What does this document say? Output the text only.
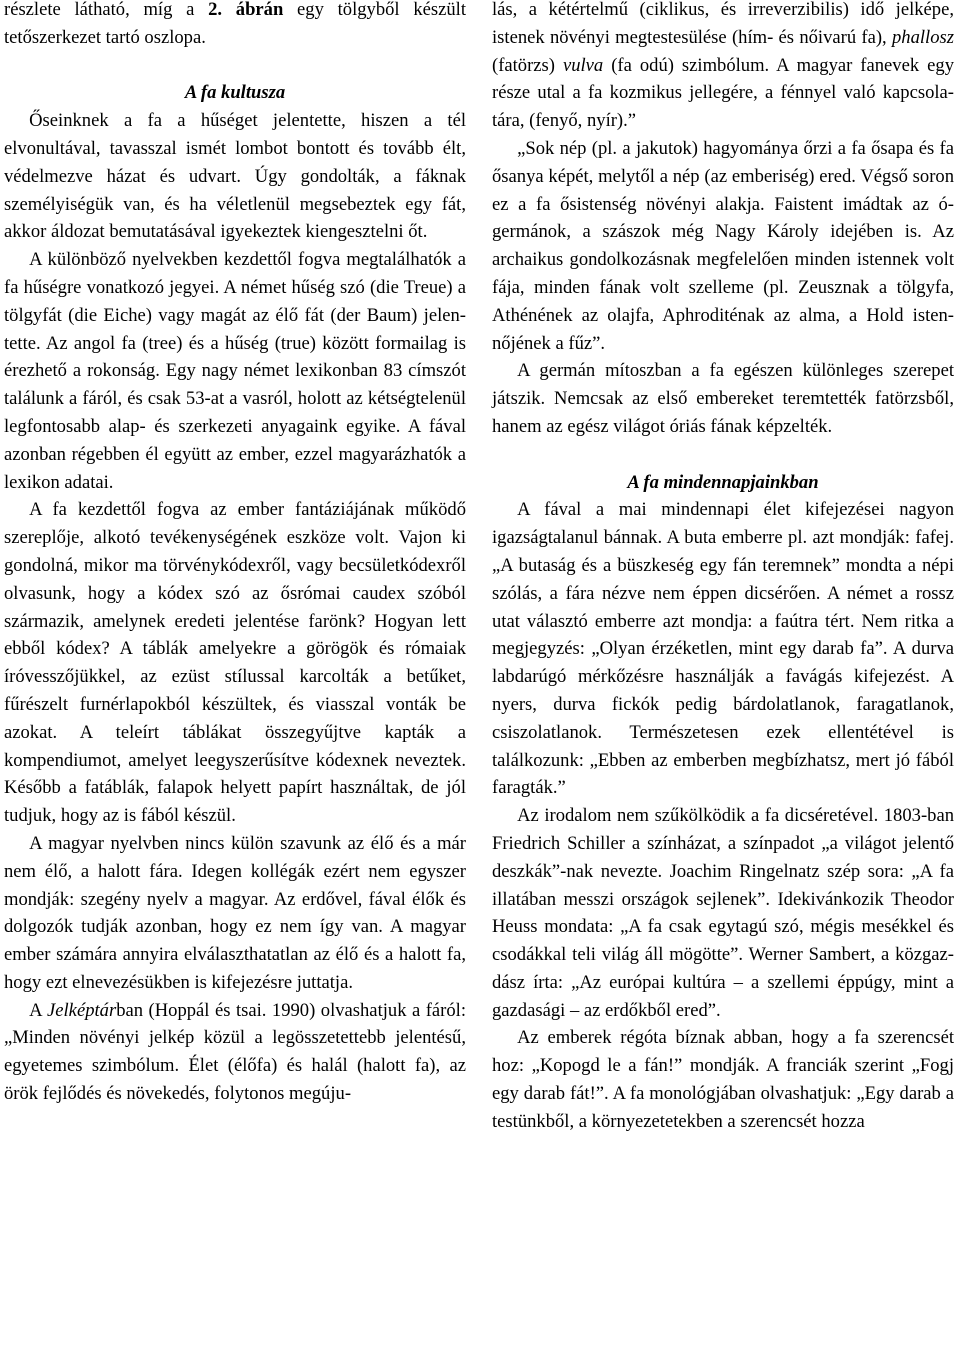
részlete látható, míg a 2. ábrán egy tölgyből készült tetőszerkezet tartó oszlopa.

A fa kultusza

Őseinknek a fa a hűséget jelentette, hiszen a tél elvonultával, tavasszal ismét lombot bontott és tovább élt, védelmezve házat és udvart. Úgy gondolták, a fáknak személyiségük van, és ha véletlenül megsebeztek egy fát, akkor áldozat bemutatásával igyekeztek kiengesztelni őt.

A különböző nyelvekben kezdettől fogva megtalálhatók a fa hűségre vonatkozó jegyei. A német hűség szó (die Treue) a tölgyfát (die Eiche) vagy magát az élő fát (der Baum) jelentette. Az angol fa (tree) és a hűség (true) között formailag is érezhető a rokonság. Egy nagy német lexikonban 83 címszót találunk a fáról, és csak 53-at a vasról, holott az kétségtelenül legfontosabb alap- és szerkezeti anyagaink egyike. A fával azonban régebben él együtt az ember, ezzel magyarázhatók a lexikon adatai.

A fa kezdettől fogva az ember fantáziájának működő szereplője, alkotó tevékenységének eszköze volt. Vajon ki gondolná, mikor ma törvénykódexről, vagy becsületkódexről olvasunk, hogy a kódex szó az ősrómai caudex szóból származik, amelynek eredeti jelentése farönk? Hogyan lett ebből kódex? A táblák amelyekre a görögök és rómaiak íróvesszőjükkel, az ezüst stílussal karcolták a betűket, fűrészelt furnérlapokból készültek, és viasszal vonták be azokat. A teleírt táblákat összegyűjtve kapták a kompendiumot, amelyet leegyszerűsítve kódexnek neveztek. Később a fatáblák, falapok helyett papírt használtak, de jól tudjuk, hogy az is fából készül.

A magyar nyelvben nincs külön szavunk az élő és a már nem élő, a halott fára. Idegen kollégák ezért nem egyszer mondják: szegény nyelv a magyar. Az erdővel, fával élők és dolgozók tudják azonban, hogy ez nem így van. A magyar ember számára annyira elválaszthatatlan az élő és a halott fa, hogy ezt elnevezésükben is kifejezésre juttatja.

A Jelképtárban (Hoppál és tsai. 1990) olvashatjuk a fáról: „Minden növényi jelkép közül a legösszetettebb jelentésű, egyetemes szimbólum. Élet (élőfa) és halál (halott fa), az örök fejlődés és növekedés, folytonos megúju-

lás, a kétértelmű (ciklikus, és irreverzibilis) idő jelképe, istenek növényi megtestesülése (hím- és nőivarú fa), phallosz (fatörzs) vulva (fa odú) szimbólum. A magyar fanevek egy része utal a fa kozmikus jellegére, a fénnyel való kapcsolatára, (fenyő, nyír).”

„Sok nép (pl. a jakutok) hagyománya őrzi a fa ősapa és fa ősanya képét, melytől a nép (az emberiség) ered. Végső soron ez a fa ősistenség növényi alakja. Faistent imádtak az ógermánok, a szászok még Nagy Károly idejében is. Az archaikus gondolkozásnak megfelelően minden istennek volt fája, minden fának volt szelleme (pl. Zeusznak a tölgyfa, Athénének az olajfa, Aphroditénak az alma, a Hold istennőjének a fűz”.

A germán mítoszban a fa egészen különleges szerepet játszik. Nemcsak az első embereket teremtették fatörzsből, hanem az egész világot óriás fának képzelték.

A fa mindennapjainkban

A fával a mai mindennapi élet kifejezései nagyon igazságtalanul bánnak. A buta emberre pl. azt mondják: fafej. „A butaság és a büszkeség egy fán teremnek” mondta a népi szólás, a fára nézve nem éppen dicsérően. A német a rossz utat választó emberre azt mondja: a faútra tért. Nem ritka a megjegyzés: „Olyan érzéketlen, mint egy darab fa”. A durva labdarúgó mérkőzésre használják a favágás kifejezést. A nyers, durva fickók pedig bárdolatlanok, faragatlanok, csiszolatlanok. Természetesen ezek ellentétével is találkozunk: „Ebben az emberben megbízhatsz, mert jó fából faragták.”

Az irodalom nem szűkölködik a fa dicséretével. 1803-ban Friedrich Schiller a színházat, a színpadot „a világot jelentő deszkák”-nak nevezte. Joachim Ringelnatz szép sora: „A fa illatában messzi országok sejlenek”. Idekivánkozik Theodor Heuss mondata: „A fa csak egytagú szó, mégis mesékkel és csodákkal teli világ áll mögötte”. Werner Sambert, a közgazdász írta: „Az európai kultúra – a szellemi éppúgy, mint a gazdasági – az erdőkből ered”.

Az emberek régóta bíznak abban, hogy a fa szerencsét hoz: „Kopogd le a fán!” mondják. A franciák szerint „Fogj egy darab fát!”. A fa monológjában olvashatjuk: „Egy darab a testünkből, a környezetetekben a szerencsét hozza
